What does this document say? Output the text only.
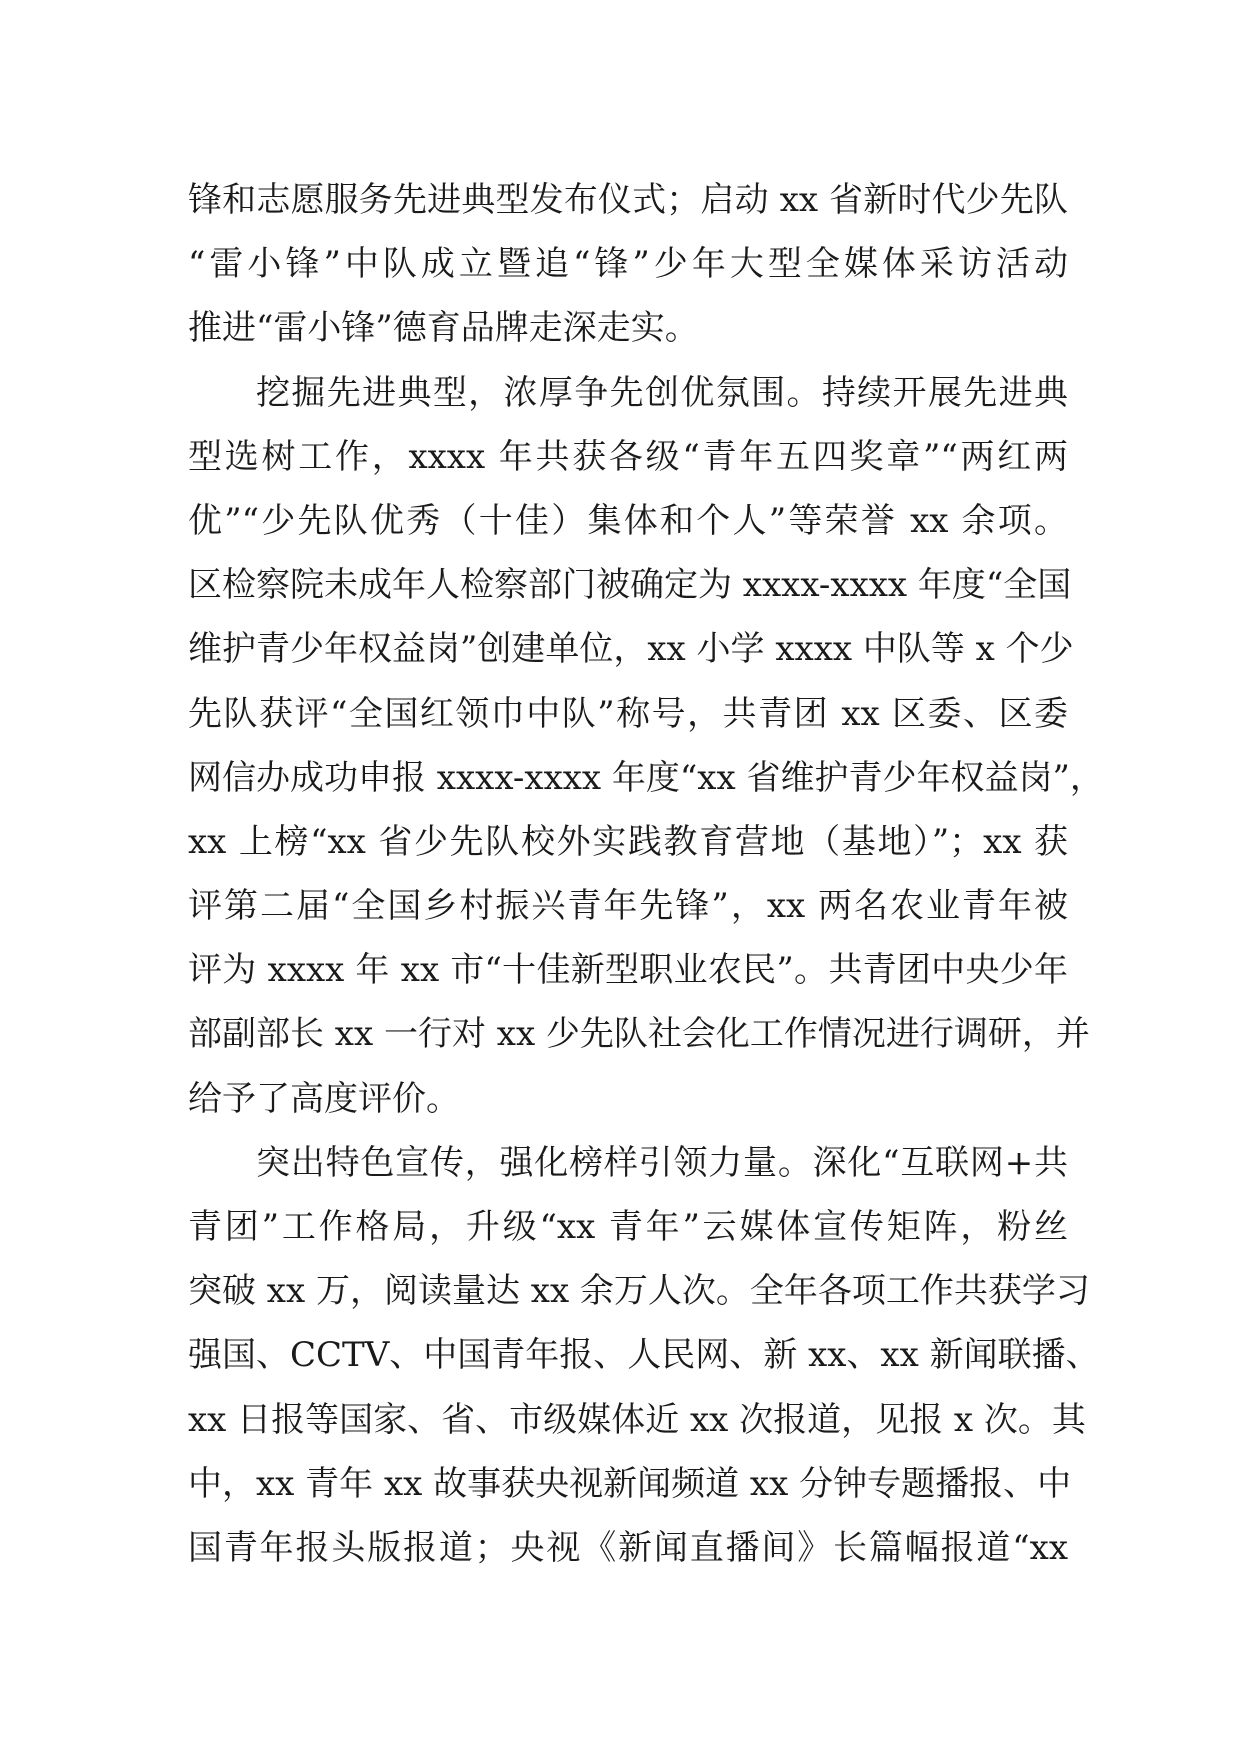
锋和志愿服务先进典型发布仪式；启动 xx 省新时代少先队
“雷小锋”中队成立暨追“锋”少年大型全媒体采访活动
推进“雷小锋”德育品牌走深走实。
挖掘先进典型，浓厚争先创优氛围。持续开展先进典
型选树工作，xxxx 年共获各级“青年五四奖章”“两红两
优”“少先队优秀（十佳）集体和个人”等荣誉 xx 余项。
区检察院未成年人检察部门被确定为 xxxx-xxxx 年度“全国
维护青少年权益岗”创建单位，xx 小学 xxxx 中队等 x 个少
先队获评“全国红领巾中队”称号，共青团 xx 区委、区委
网信办成功申报 xxxx-xxxx 年度“xx 省维护青少年权益岗”，
xx 上榜“xx 省少先队校外实践教育营地（基地）”；xx 获
评第二届“全国乡村振兴青年先锋”，xx 两名农业青年被
评为 xxxx 年 xx 市“十佳新型职业农民”。共青团中央少年
部副部长 xx 一行对 xx 少先队社会化工作情况进行调研，并
给予了高度评价。
突出特色宣传，强化榜样引领力量。深化“互联网+共
青团”工作格局，升级“xx 青年”云媒体宣传矩阵，粉丝
突破 xx 万，阅读量达 xx 余万人次。全年各项工作共获学习
强国、CCTV、中国青年报、人民网、新 xx、xx 新闻联播、
xx 日报等国家、省、市级媒体近 xx 次报道，见报 x 次。其
中，xx 青年 xx 故事获央视新闻频道 xx 分钟专题播报、中
国青年报头版报道；央视《新闻直播间》长篇幅报道“xx
